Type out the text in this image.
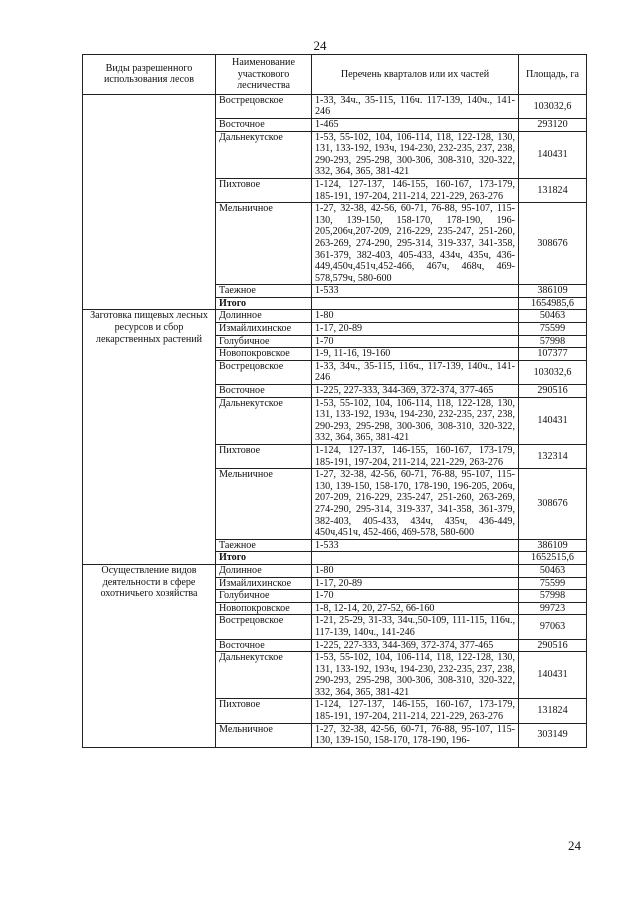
24
Виды разрешенного использования лесов	Наименование участкового лесничества	Перечень кварталов или их частей	Площадь, га
	Вострецовское	1-33, 34ч., 35-115, 116ч. 117-139, 140ч., 141-246	103032,6
	Восточное	1-465	293120
	Дальнекутское	1-53, 55-102, 104, 106-114, 118, 122-128, 130, 131, 133-192, 193ч, 194-230, 232-235, 237, 238, 290-293, 295-298, 300-306, 308-310, 320-322, 332, 364, 365, 381-421	140431
	Пихтовое	1-124, 127-137, 146-155, 160-167, 173-179, 185-191, 197-204, 211-214, 221-229, 263-276	131824
	Мельничное	1-27, 32-38, 42-56, 60-71, 76-88, 95-107, 115-130, 139-150, 158-170, 178-190, 196-205,206ч,207-209, 216-229, 235-247, 251-260, 263-269, 274-290, 295-314, 319-337, 341-358, 361-379, 382-403, 405-433, 434ч, 435ч, 436-449,450ч,451ч,452-466, 467ч, 468ч, 469-578,579ч, 580-600	308676
	Таежное	1-533	386109
	Итого		1654985,6
Заготовка пищевых лесных ресурсов и сбор лекарственных растений	Долинное	1-80	50463
	Измайлихинское	1-17, 20-89	75599
	Голубичное	1-70	57998
	Новопокровское	1-9, 11-16, 19-160	107377
	Вострецовское	1-33, 34ч., 35-115, 116ч., 117-139, 140ч., 141-246	103032,6
	Восточное	1-225, 227-333, 344-369, 372-374, 377-465	290516
	Дальнекутское	1-53, 55-102, 104, 106-114, 118, 122-128, 130, 131, 133-192, 193ч, 194-230, 232-235, 237, 238, 290-293, 295-298, 300-306, 308-310, 320-322, 332, 364, 365, 381-421	140431
	Пихтовое	1-124, 127-137, 146-155, 160-167, 173-179, 185-191, 197-204, 211-214, 221-229, 263-276	132314
	Мельничное	1-27, 32-38, 42-56, 60-71, 76-88, 95-107, 115-130, 139-150, 158-170, 178-190, 196-205, 206ч, 207-209, 216-229, 235-247, 251-260, 263-269, 274-290, 295-314, 319-337, 341-358, 361-379, 382-403, 405-433, 434ч, 435ч, 436-449, 450ч,451ч, 452-466, 469-578, 580-600	308676
	Таежное	1-533	386109
	Итого		1652515,6
Осуществление видов деятельности в сфере охотничьего хозяйства	Долинное	1-80	50463
	Измайлихинское	1-17, 20-89	75599
	Голубичное	1-70	57998
	Новопокровское	1-8, 12-14, 20, 27-52, 66-160	99723
	Вострецовское	1-21, 25-29, 31-33, 34ч.,50-109, 111-115, 116ч., 117-139, 140ч., 141-246	97063
	Восточное	1-225, 227-333, 344-369, 372-374, 377-465	290516
	Дальнекутское	1-53, 55-102, 104, 106-114, 118, 122-128, 130, 131, 133-192, 193ч, 194-230, 232-235, 237, 238, 290-293, 295-298, 300-306, 308-310, 320-322, 332, 364, 365, 381-421	140431
	Пихтовое	1-124, 127-137, 146-155, 160-167, 173-179, 185-191, 197-204, 211-214, 221-229, 263-276	131824
	Мельничное	1-27, 32-38, 42-56, 60-71, 76-88, 95-107, 115-130, 139-150, 158-170, 178-190, 196-	303149
24
